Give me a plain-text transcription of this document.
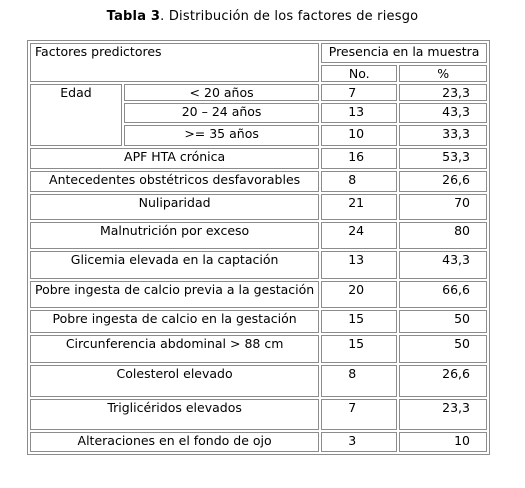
Tabla 3. Distribución de los factores de riesgo
Factores predictores		Presencia en la muestra	
		No.	%
Edad	< 20 años	7	23,3
	20 – 24 años	13	43,3
	>= 35 años	10	33,3
APF HTA crónica		16	53,3
Antecedentes obstétricos desfavorables		8	26,6
Nuliparidad		21	70
Malnutrición por exceso		24	80
Glicemia elevada en la captación		13	43,3
Pobre ingesta de calcio previa a la gestación		20	66,6
Pobre ingesta de calcio en la gestación		15	50
Circunferencia abdominal > 88 cm		15	50
Colesterol elevado		8	26,6
Triglicéridos elevados		7	23,3
Alteraciones en el fondo de ojo		3	10
